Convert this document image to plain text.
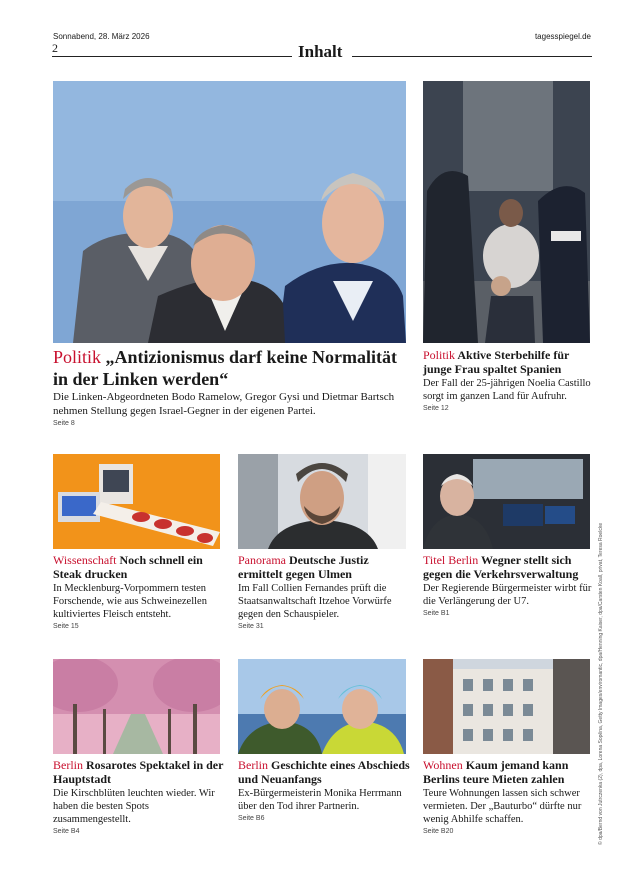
Sonnabend, 28. März 2026	tagesspiegel.de
2	Inhalt

Politik „Antizionismus darf keine Normalität in der Linken werden“

Die Linken-Abgeordneten Bodo Ramelow, Gregor Gysi und Dietmar Bartsch nehmen Stellung gegen Israel-Gegner in der eigenen Partei.

Seite 8

Politik Aktive Sterbehilfe für junge Frau spaltet Spanien

Der Fall der 25-jährigen Noelia Castillo sorgt im ganzen Land für Aufruhr.

Seite 12

Wissenschaft Noch schnell ein Steak drucken

In Mecklenburg-Vorpommern testen Forschende, wie aus Schweinezellen kultiviertes Fleisch entsteht.

Seite 15

Panorama Deutsche Justiz ermittelt gegen Ulmen

Im Fall Collien Fernandes prüft die Staatsanwaltschaft Itzehoe Vorwürfe gegen den Schauspieler.

Seite 31

Titel Berlin Wegner stellt sich gegen die Verkehrsverwaltung

Der Regierende Bürgermeister wirbt für die Verlängerung der U7.

Seite B1

Berlin Rosarotes Spektakel in der Hauptstadt

Die Kirschblüten leuchten wieder. Wir haben die besten Spots zusammengestellt.

Seite B4

Berlin Geschichte eines Abschieds und Neuanfangs

Ex-Bürgermeisterin Monika Herrmann über den Tod ihrer Partnerin.

Seite B6

Wohnen Kaum jemand kann Berlins teure Mieten zahlen

Teure Wohnungen lassen sich schwer vermieten. Der „Bauturbo“ dürfte nur wenig Abhilfe schaffen.

Seite B20	© dpa/Bernd von Jutrczenka (2), dpa, Lorena Sopêna, Getty Images/enviromantic, dpa/Henning Kaiser, dpa/Carsten Koall, privat, Teresa Roelcke
